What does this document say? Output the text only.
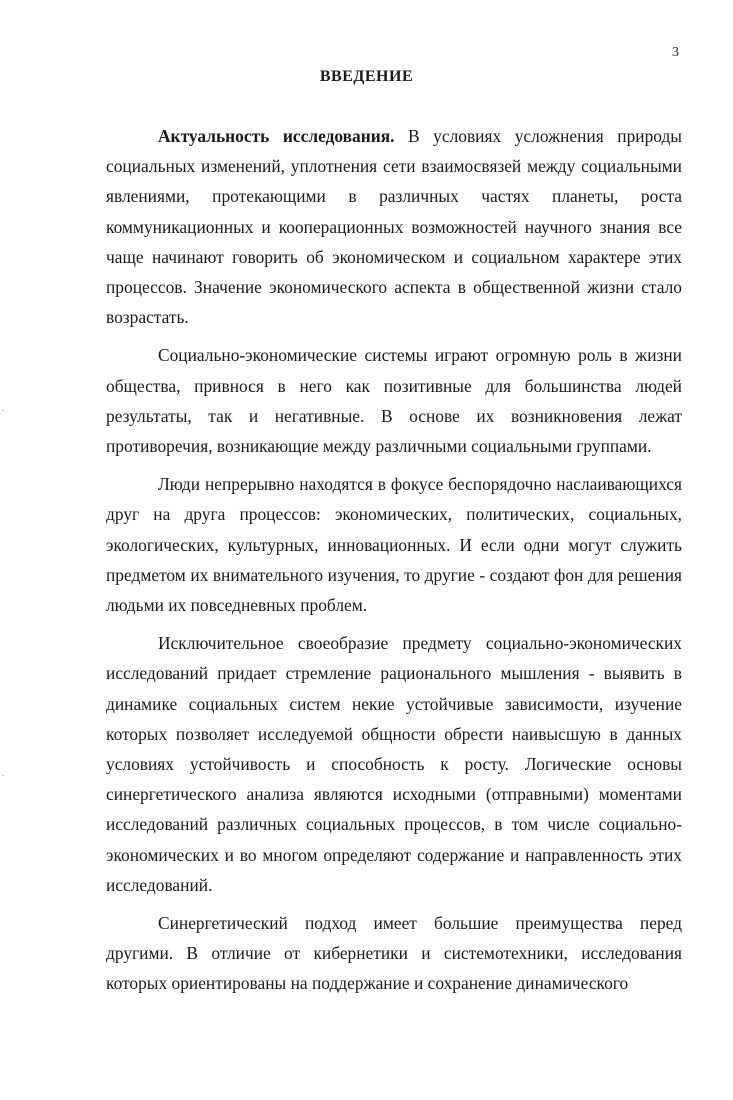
3
ВВЕДЕНИЕ
.
.

Актуальность исследования. В условиях усложнения природы социальных изменений, уплотнения сети взаимосвязей между социальными явлениями, протекающими в различных частях планеты, роста коммуникационных и кооперационных возможностей научного знания все чаще начинают говорить об экономическом и социальном характере этих процессов. Значение экономического аспекта в общественной жизни стало возрастать.

Социально-экономические системы играют огромную роль в жизни общества, привнося в него как позитивные для большинства людей результаты, так и негативные. В основе их возникновения лежат противоречия, возникающие между различными социальными группами.

Люди непрерывно находятся в фокусе беспорядочно наслаивающихся друг на друга процессов: экономических, политических, социальных, экологических, культурных, инновационных. И если одни могут служить предметом их внимательного изучения, то другие - создают фон для решения людьми их повседневных проблем.

Исключительное своеобразие предмету социально-экономических исследований придает стремление рационального мышления - выявить в динамике социальных систем некие устойчивые зависимости, изучение которых позволяет исследуемой общности обрести наивысшую в данных условиях устойчивость и способность к росту. Логические основы синергетического анализа являются исходными (отправными) моментами исследований различных социальных процессов, в том числе социально-экономических и во многом определяют содержание и направленность этих исследований.

Синергетический подход имеет большие преимущества перед другими. В отличие от кибернетики и системотехники, исследования которых ориентированы на поддержание и сохранение динамического
